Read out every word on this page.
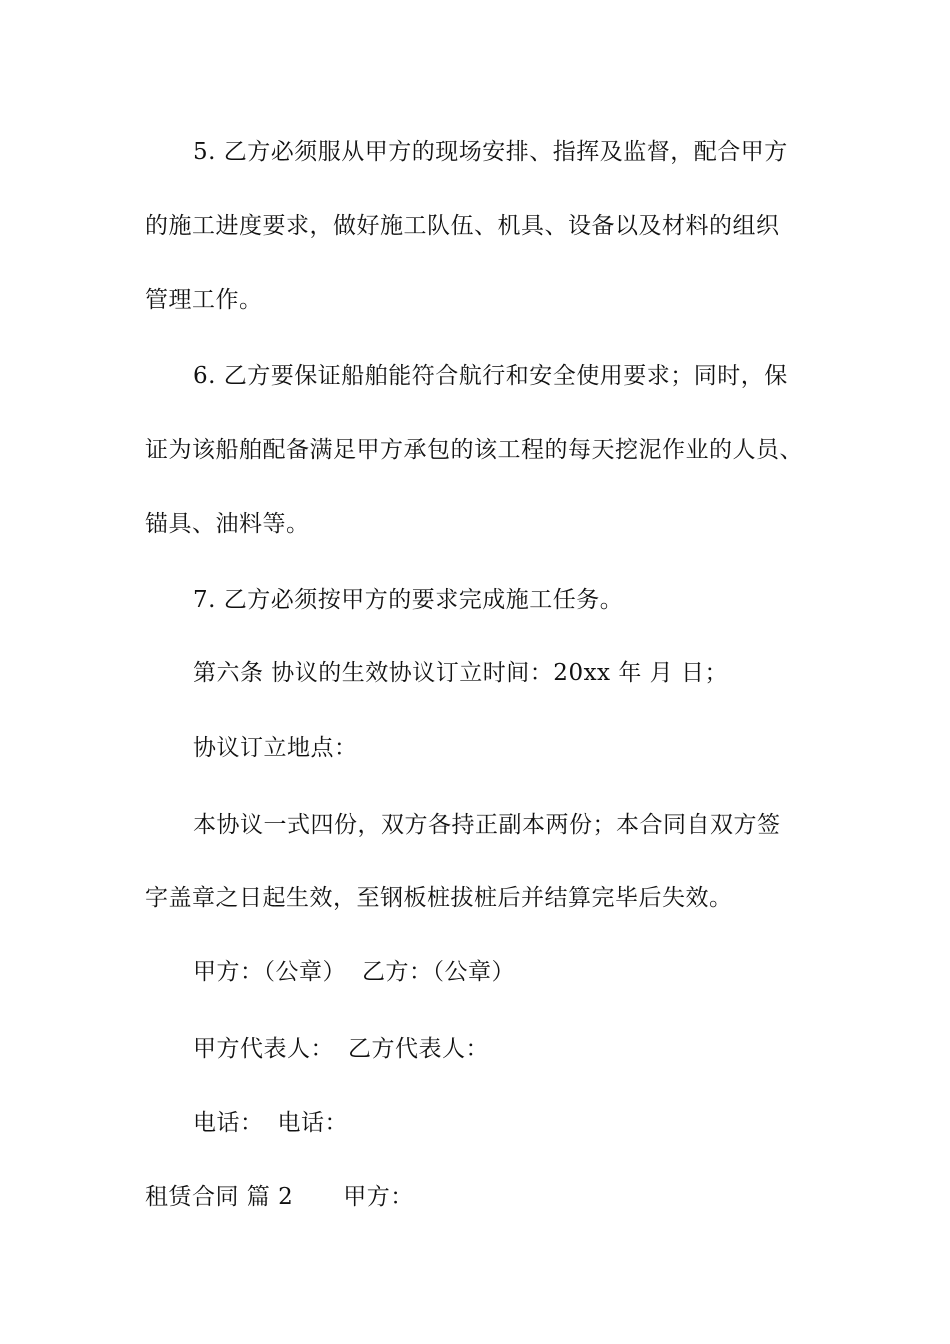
5. 乙方必须服从甲方的现场安排、指挥及监督，配合甲方
的施工进度要求，做好施工队伍、机具、设备以及材料的组织
管理工作。
6. 乙方要保证船舶能符合航行和安全使用要求；同时，保
证为该船舶配备满足甲方承包的该工程的每天挖泥作业的人员、
锚具、油料等。
7. 乙方必须按甲方的要求完成施工任务。
第六条 协议的生效协议订立时间：20xx 年 月 日；
协议订立地点：
本协议一式四份，双方各持正副本两份；本合同自双方签
字盖章之日起生效，至钢板桩拔桩后并结算完毕后失效。
甲方：（公章） 乙方：（公章）
甲方代表人： 乙方代表人：
电话： 电话：
租赁合同 篇 2 甲方：
